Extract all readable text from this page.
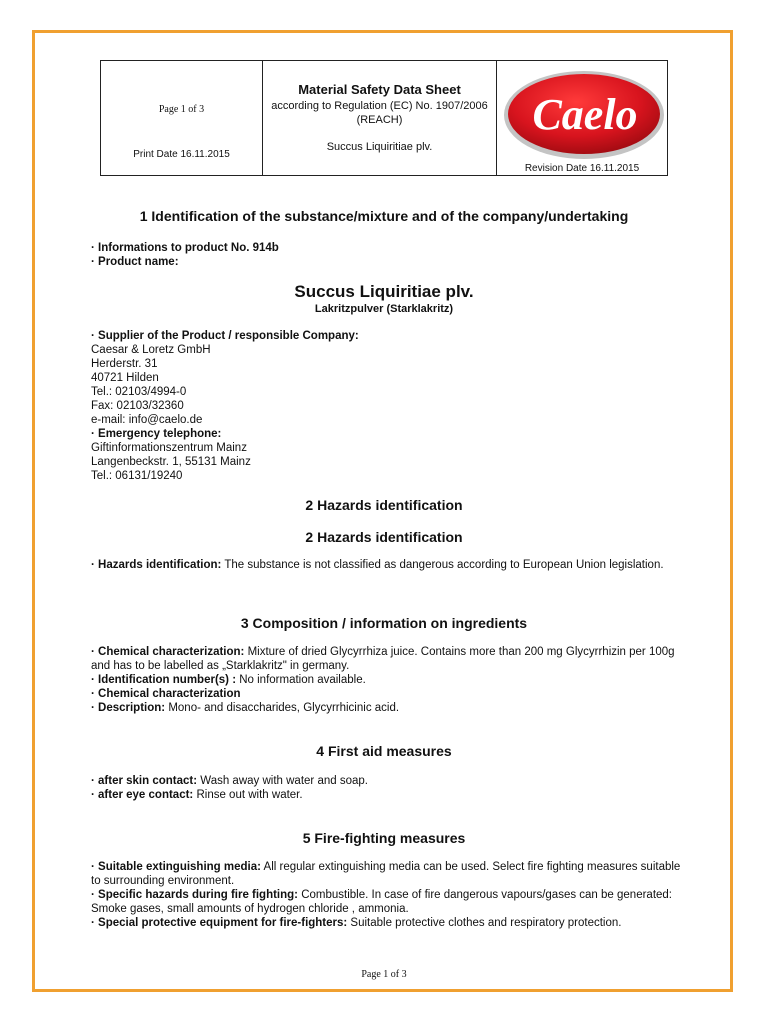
Page 1 of 3
Print Date 16.11.2015
Material Safety Data Sheet
according to Regulation (EC) No. 1907/2006 (REACH)
Succus Liquiritiae plv.
Caelo
Revision Date 16.11.2015
1 Identification of the substance/mixture and of the company/undertaking

· Informations to product No. 914b

· Product name:

Succus Liquiritiae plv.
Lakritzpulver (Starklakritz)

· Supplier of the Product / responsible Company:

Caesar & Loretz GmbH

Herderstr. 31

40721 Hilden

Tel.: 02103/4994-0

Fax: 02103/32360

e-mail: info@caelo.de

· Emergency telephone:

Giftinformationszentrum Mainz

Langenbeckstr. 1, 55131 Mainz

Tel.: 06131/19240

2 Hazards identification
2 Hazards identification

· Hazards identification: The substance is not classified as dangerous according to European Union legislation.

3 Composition / information on ingredients

· Chemical characterization: Mixture of dried Glycyrrhiza juice. Contains more than 200 mg Glycyrrhizin per 100g and has to be labelled as „Starklakritz" in germany.

· Identification number(s) : No information available.

· Chemical characterization

· Description: Mono- and disaccharides, Glycyrrhicinic acid.

4 First aid measures

· after skin contact: Wash away with water and soap.

· after eye contact: Rinse out with water.

5 Fire-fighting measures

· Suitable extinguishing media: All regular extinguishing media can be used. Select fire fighting measures suitable to surrounding environment.

· Specific hazards during fire fighting: Combustible. In case of fire dangerous vapours/gases can be generated: Smoke gases, small amounts of hydrogen chloride , ammonia.

· Special protective equipment for fire-fighters: Suitable protective clothes and respiratory protection.

Page 1 of 3
